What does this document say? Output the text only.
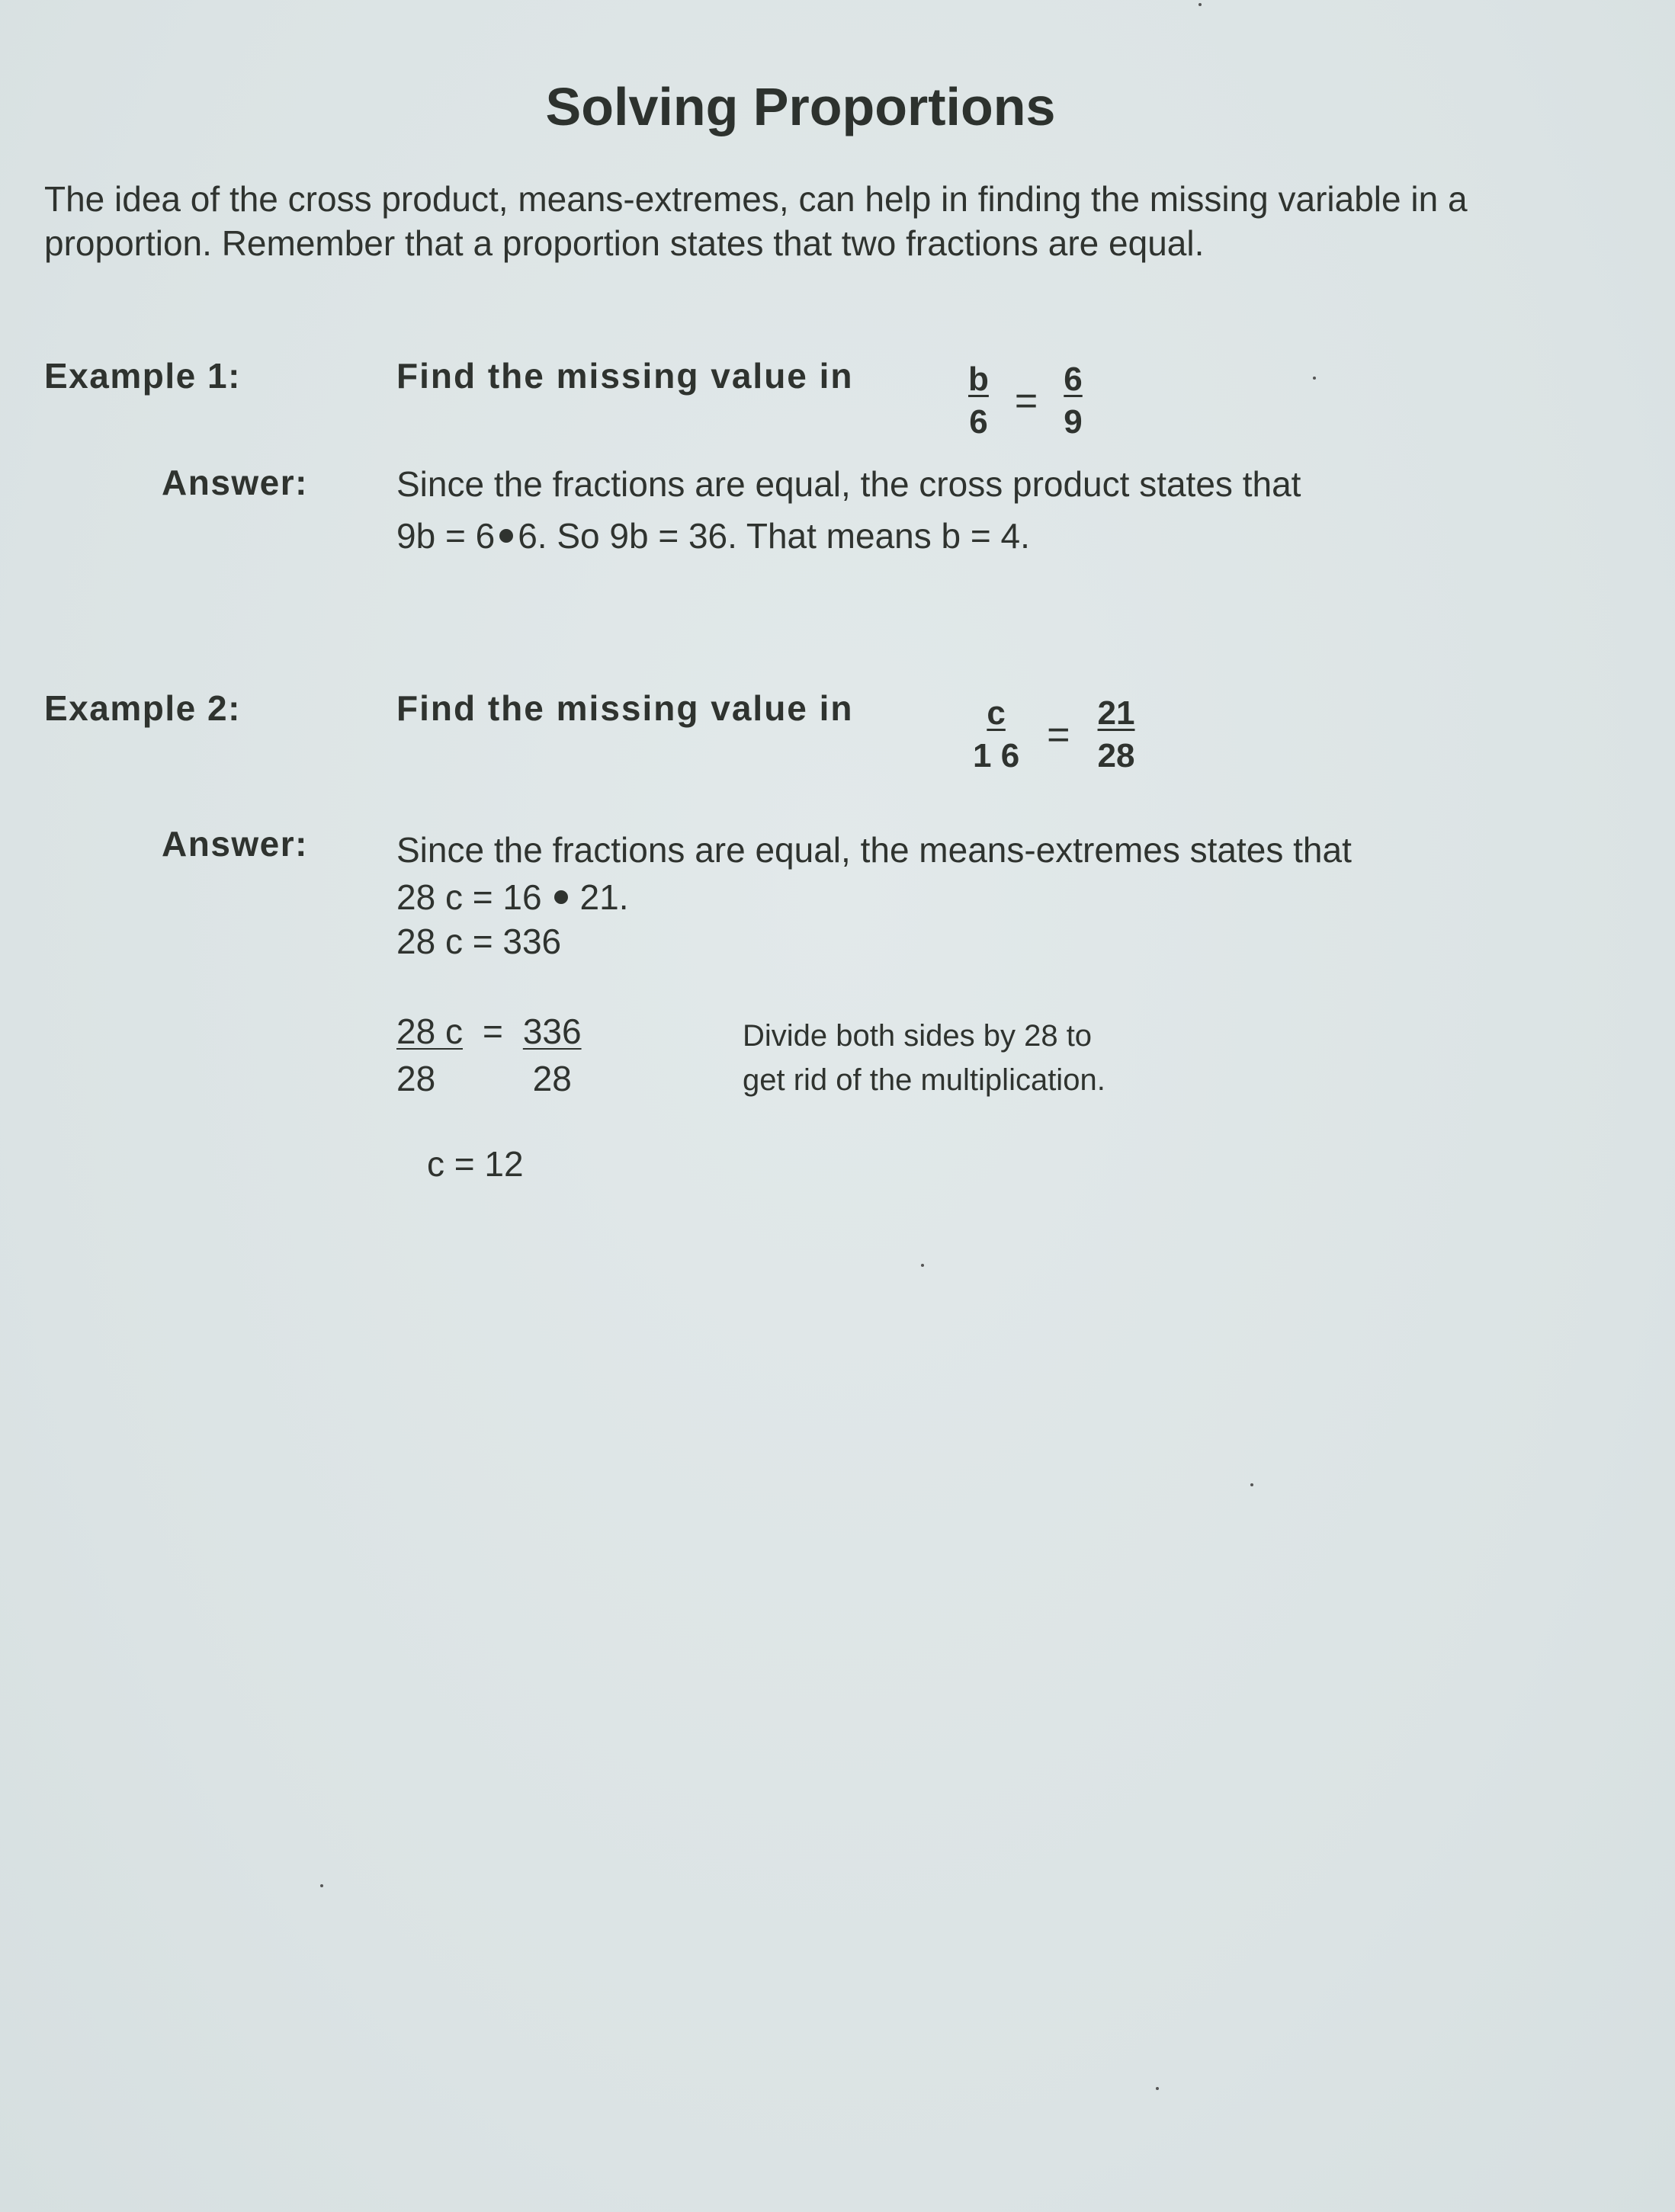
Solving Proportions
The idea of the cross product, means-extremes, can help in finding the missing variable in a proportion. Remember that a proportion states that two fractions are equal.
Example 1:	Find the missing value in	$\frac{b}{6} = \frac{6}{9}$
Answer:	Since the fractions are equal, the cross product states that
9b = 6 6. So 9b = 36. That means b = 4.
Example 2:	Find the missing value in	$\frac{c}{1 6} = \frac{21}{28}$
Answer:	Since the fractions are equal, the means-extremes states that
28 c = 16 21.
28 c = 336
$\frac{28 c}{28} = \frac{336}{28}$	Divide both sides by 28 to
get rid of the multiplication.
c = 12
